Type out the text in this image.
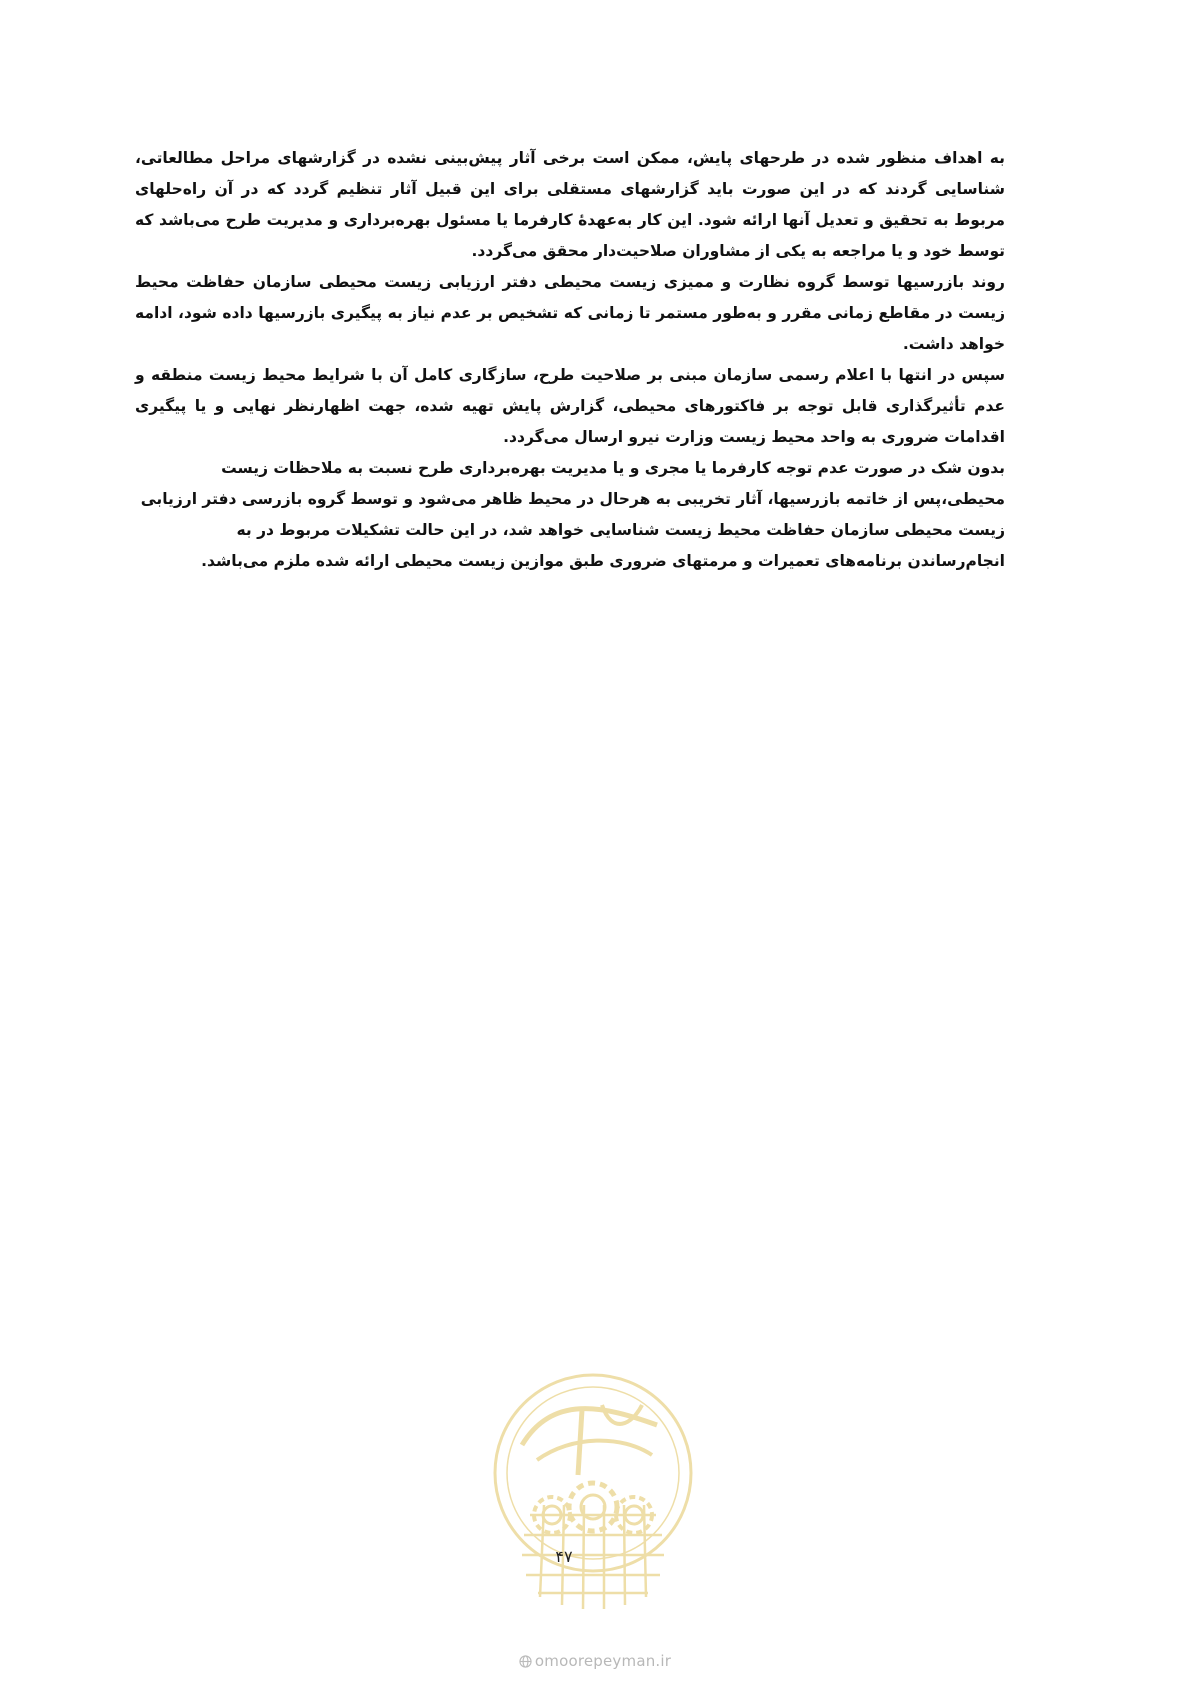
به اهداف منظور شده در طرحهای پایش، ممکن است برخی آثار پیش‌بینی نشده در گزارشهای مراحل مطالعاتی، شناسایی گردند که در این صورت باید گزارشهای مستقلی برای این قبیل آثار تنظیم گردد که در آن راه‌حلهای مربوط به تحقیق و تعدیل آنها ارائه شود. این کار به‌عهدهٔ کارفرما یا مسئول بهره‌برداری و مدیریت طرح می‌باشد که توسط خود و یا مراجعه به یکی از مشاوران صلاحیت‌دار محقق می‌گردد.

روند بازرسیها توسط گروه نظارت و ممیزی زیست محیطی دفتر ارزیابی زیست محیطی سازمان حفاظت محیط زیست در مقاطع زمانی مقرر و به‌طور مستمر تا زمانی که تشخیص بر عدم نیاز به پیگیری بازرسیها داده شود، ادامه خواهد داشت.

سپس در انتها با اعلام رسمی سازمان مبنی بر صلاحیت طرح، سازگاری کامل آن با شرایط محیط زیست منطقه و عدم تأثیرگذاری قابل توجه بر فاکتورهای محیطی، گزارش پایش تهیه شده، جهت اظهارنظر نهایی و یا پیگیری اقدامات ضروری به واحد محیط زیست وزارت نیرو ارسال می‌گردد.

بدون شک در صورت عدم توجه کارفرما یا مجری و یا مدیریت بهره‌برداری طرح نسبت به ملاحظات زیست محیطی،پس از خاتمه بازرسیها، آثار تخریبی به هرحال در محیط ظاهر می‌شود و توسط گروه بازرسی دفتر ارزیابی زیست محیطی سازمان حفاظت محیط زیست شناسایی خواهد شد، در این حالت تشکیلات مربوط در به انجام‌رساندن برنامه‌های تعمیرات و مرمتهای ضروری طبق موازین زیست محیطی ارائه شده ملزم می‌باشد.

۴۷
omoorepeyman.ir
